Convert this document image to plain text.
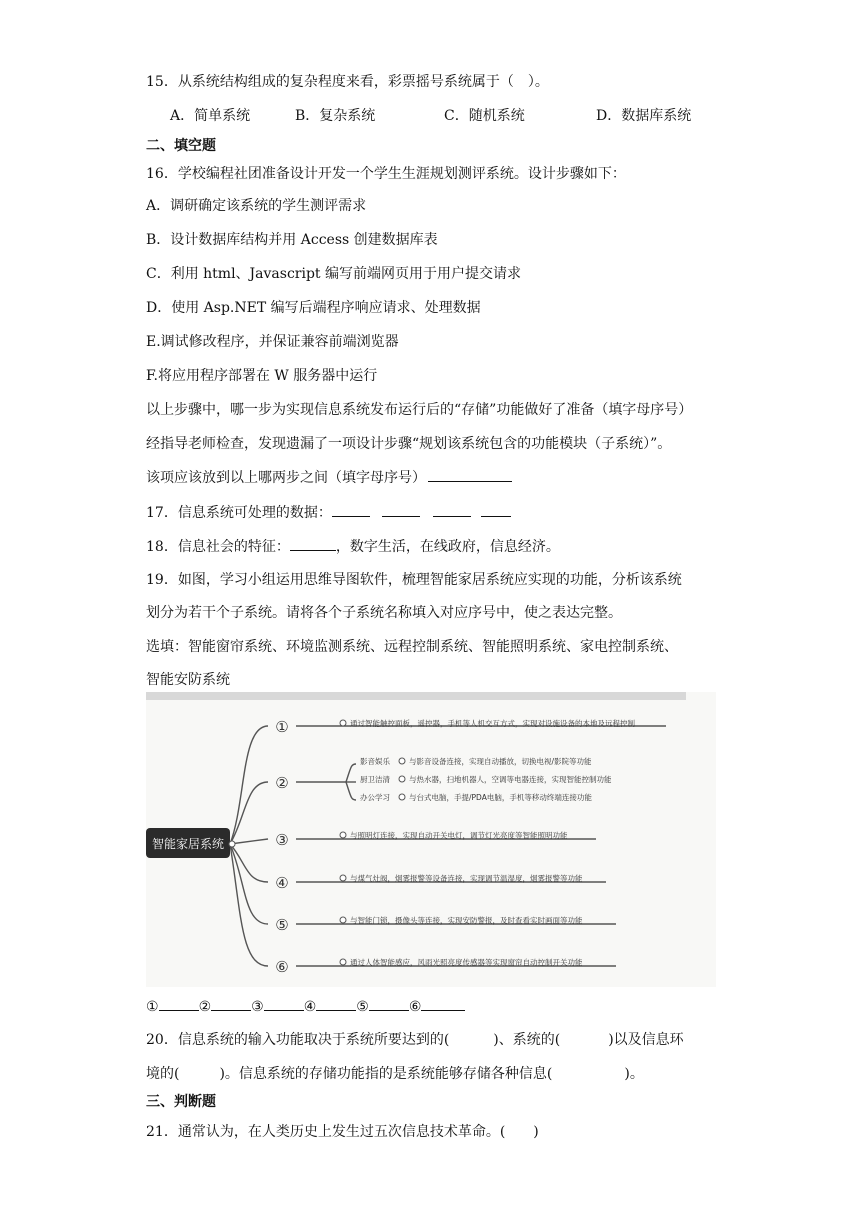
15．从系统结构组成的复杂程度来看，彩票摇号系统属于（　）。
A．简单系统	B．复杂系统	C．随机系统	D．数据库系统
二、填空题
16．学校编程社团准备设计开发一个学生生涯规划测评系统。设计步骤如下：
A．调研确定该系统的学生测评需求
B．设计数据库结构并用 Access 创建数据库表
C．利用 html、Javascript 编写前端网页用于用户提交请求
D．使用 Asp.NET 编写后端程序响应请求、处理数据
E.调试修改程序，并保证兼容前端浏览器
F.将应用程序部署在 W 服务器中运行
以上步骤中，哪一步为实现信息系统发布运行后的“存储”功能做好了准备（填字母序号）
经指导老师检查，发现遗漏了一项设计步骤“规划该系统包含的功能模块（子系统）”。
该项应该放到以上哪两步之间（填字母序号）
17．信息系统可处理的数据：
18．信息社会的特征：	，数字生活，在线政府，信息经济。
19．如图，学习小组运用思维导图软件，梳理智能家居系统应实现的功能，分析该系统
划分为若干个子系统。请将各个子系统名称填入对应序号中，使之表达完整。
选填：智能窗帘系统、环境监测系统、远程控制系统、智能照明系统、家电控制系统、
智能安防系统
智能家居系统
①
②
③
④
⑤
⑥
通过智能触控面板，遥控器，手机等人机交互方式，实现对设施设备的本地及远程控制
影音娱乐	与影音设备连接，实现自动播放，切换电视/影院等功能
厨卫洁清	与热水器，扫地机器人，空调等电器连接，实现智能控制功能
办公学习	与台式电脑，手提/PDA电脑，手机等移动终端连接功能
与照明灯连接，实现自动开关电灯，调节灯光亮度等智能照明功能
与煤气灶阀，烟雾报警等设备连接，实现调节温湿度，烟雾报警等功能
与智能门锁，摄像头等连接，实现安防警报，及时查看实时画面等功能
通过人体智能感应，风雨光照亮度传感器等实现窗帘自动控制开关功能
①	②	③	④	⑤	⑥
20．信息系统的输入功能取决于系统所要达到的(	)、系统的(	)以及信息环
境的(	)。信息系统的存储功能指的是系统能够存储各种信息(	)。
三、判断题
21．通常认为，在人类历史上发生过五次信息技术革命。(　　)
